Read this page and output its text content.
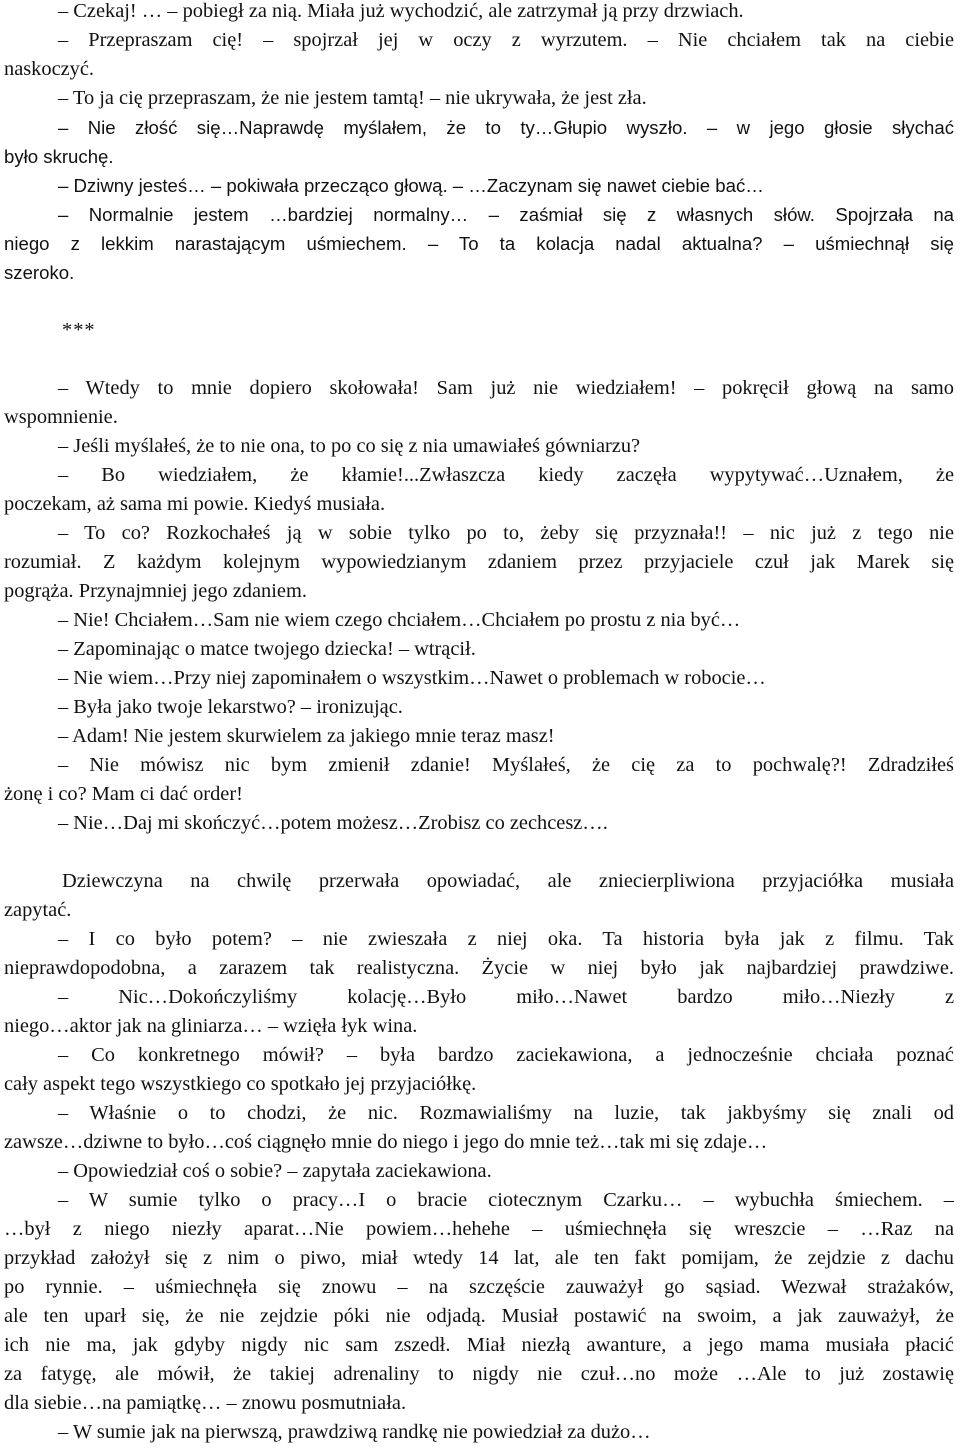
– Czekaj! … – pobiegł za nią. Miała już wychodzić, ale zatrzymał ją przy drzwiach.
– Przepraszam cię! – spojrzał jej w oczy z wyrzutem. – Nie chciałem tak na ciebie
naskoczyć.
– To ja cię przepraszam, że nie jestem tamtą! – nie ukrywała, że jest zła.
– Nie złość się…Naprawdę myślałem, że to ty…Głupio wyszło. – w jego głosie słychać
było skruchę.
– Dziwny jesteś… – pokiwała przecząco głową. – …Zaczynam się nawet ciebie bać…
– Normalnie jestem …bardziej normalny… – zaśmiał się z własnych słów. Spojrzała na
niego z lekkim narastającym uśmiechem. – To ta kolacja nadal aktualna? – uśmiechnął się
szeroko.
***
– Wtedy to mnie dopiero skołowała! Sam już nie wiedziałem! – pokręcił głową na samo
wspomnienie.
– Jeśli myślałeś, że to nie ona, to po co się z nia umawiałeś gówniarzu?
– Bo wiedziałem, że kłamie!...Zwłaszcza kiedy zaczęła wypytywać…Uznałem, że
poczekam, aż sama mi powie. Kiedyś musiała.
– To co? Rozkochałeś ją w sobie tylko po to, żeby się przyznała!! – nic już z tego nie
rozumiał. Z każdym kolejnym wypowiedzianym zdaniem przez przyjaciele czuł jak Marek się
pogrąża. Przynajmniej jego zdaniem.
– Nie! Chciałem…Sam nie wiem czego chciałem…Chciałem po prostu z nia być…
– Zapominając o matce twojego dziecka! – wtrącił.
– Nie wiem…Przy niej zapominałem o wszystkim…Nawet o problemach w robocie…
– Była jako twoje lekarstwo? – ironizując.
– Adam! Nie jestem skurwielem za jakiego mnie teraz masz!
– Nie mówisz nic bym zmienił zdanie! Myślałeś, że cię za to pochwalę?! Zdradziłeś
żonę i co? Mam ci dać order!
– Nie…Daj mi skończyć…potem możesz…Zrobisz co zechcesz….
Dziewczyna na chwilę przerwała opowiadać, ale zniecierpliwiona przyjaciółka musiała
zapytać.
– I co było potem? – nie zwieszała z niej oka. Ta historia była jak z filmu. Tak
nieprawdopodobna, a zarazem tak realistyczna. Życie w niej było jak najbardziej prawdziwe.
– Nic…Dokończyliśmy kolację…Było miło…Nawet bardzo miło…Niezły z
niego…aktor jak na gliniarza… – wzięła łyk wina.
– Co konkretnego mówił? – była bardzo zaciekawiona, a jednocześnie chciała poznać
cały aspekt tego wszystkiego co spotkało jej przyjaciółkę.
– Właśnie o to chodzi, że nic. Rozmawialiśmy na luzie, tak jakbyśmy się znali od
zawsze…dziwne to było…coś ciągnęło mnie do niego i jego do mnie też…tak mi się zdaje…
– Opowiedział coś o sobie? – zapytała zaciekawiona.
– W sumie tylko o pracy…I o bracie ciotecznym Czarku… – wybuchła śmiechem. –
…był z niego niezły aparat…Nie powiem…hehehe – uśmiechnęła się wreszcie – …Raz na
przykład założył się z nim o piwo, miał wtedy 14 lat, ale ten fakt pomijam, że zejdzie z dachu
po rynnie. – uśmiechnęła się znowu – na szczęście zauważył go sąsiad. Wezwał strażaków,
ale ten uparł się, że nie zejdzie póki nie odjadą. Musiał postawić na swoim, a jak zauważył, że
ich nie ma, jak gdyby nigdy nic sam zszedł. Miał niezłą awanture, a jego mama musiała płacić
za fatygę, ale mówił, że takiej adrenaliny to nigdy nie czuł…no może …Ale to już zostawię
dla siebie…na pamiątkę… – znowu posmutniała.
– W sumie jak na pierwszą, prawdziwą randkę nie powiedział za dużo…
